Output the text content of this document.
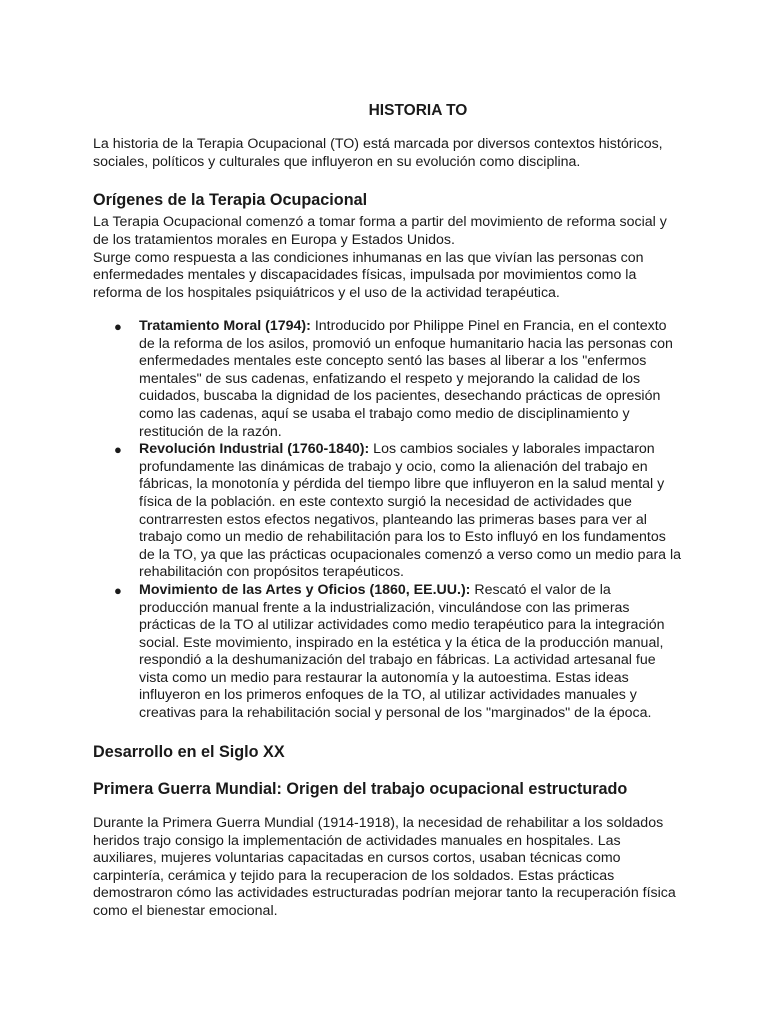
HISTORIA TO

La historia de la Terapia Ocupacional (TO) está marcada por diversos contextos históricos, sociales, políticos y culturales que influyeron en su evolución como disciplina.

Orígenes de la Terapia Ocupacional

La Terapia Ocupacional comenzó a tomar forma a partir del movimiento de reforma social y de los tratamientos morales en Europa y Estados Unidos.

Surge como respuesta a las condiciones inhumanas en las que vivían las personas con enfermedades mentales y discapacidades físicas, impulsada por movimientos como la reforma de los hospitales psiquiátricos y el uso de la actividad terapéutica.

● Tratamiento Moral (1794): Introducido por Philippe Pinel en Francia, en el contexto de la reforma de los asilos, promovió un enfoque humanitario hacia las personas con enfermedades mentales este concepto sentó las bases al liberar a los "enfermos mentales" de sus cadenas, enfatizando el respeto y mejorando la calidad de los cuidados, buscaba la dignidad de los pacientes, desechando prácticas de opresión como las cadenas, aquí se usaba el trabajo como medio de disciplinamiento y restitución de la razón.
● Revolución Industrial (1760-1840): Los cambios sociales y laborales impactaron profundamente las dinámicas de trabajo y ocio, como la alienación del trabajo en fábricas, la monotonía y pérdida del tiempo libre que influyeron en la salud mental y física de la población. en este contexto surgió la necesidad de actividades que contrarresten estos efectos negativos, planteando las primeras bases para ver al trabajo como un medio de rehabilitación para los to Esto influyó en los fundamentos de la TO, ya que las prácticas ocupacionales comenzó a verso como un medio para la rehabilitación con propósitos terapéuticos.
● Movimiento de las Artes y Oficios (1860, EE.UU.): Rescató el valor de la producción manual frente a la industrialización, vinculándose con las primeras prácticas de la TO al utilizar actividades como medio terapéutico para la integración social. Este movimiento, inspirado en la estética y la ética de la producción manual, respondió a la deshumanización del trabajo en fábricas. La actividad artesanal fue vista como un medio para restaurar la autonomía y la autoestima. Estas ideas influyeron en los primeros enfoques de la TO, al utilizar actividades manuales y creativas para la rehabilitación social y personal de los "marginados" de la época.
Desarrollo en el Siglo XX
Primera Guerra Mundial: Origen del trabajo ocupacional estructurado

Durante la Primera Guerra Mundial (1914-1918), la necesidad de rehabilitar a los soldados heridos trajo consigo la implementación de actividades manuales en hospitales. Las auxiliares, mujeres voluntarias capacitadas en cursos cortos, usaban técnicas como carpintería, cerámica y tejido para la recuperacion de los soldados. Estas prácticas demostraron cómo las actividades estructuradas podrían mejorar tanto la recuperación física como el bienestar emocional.
